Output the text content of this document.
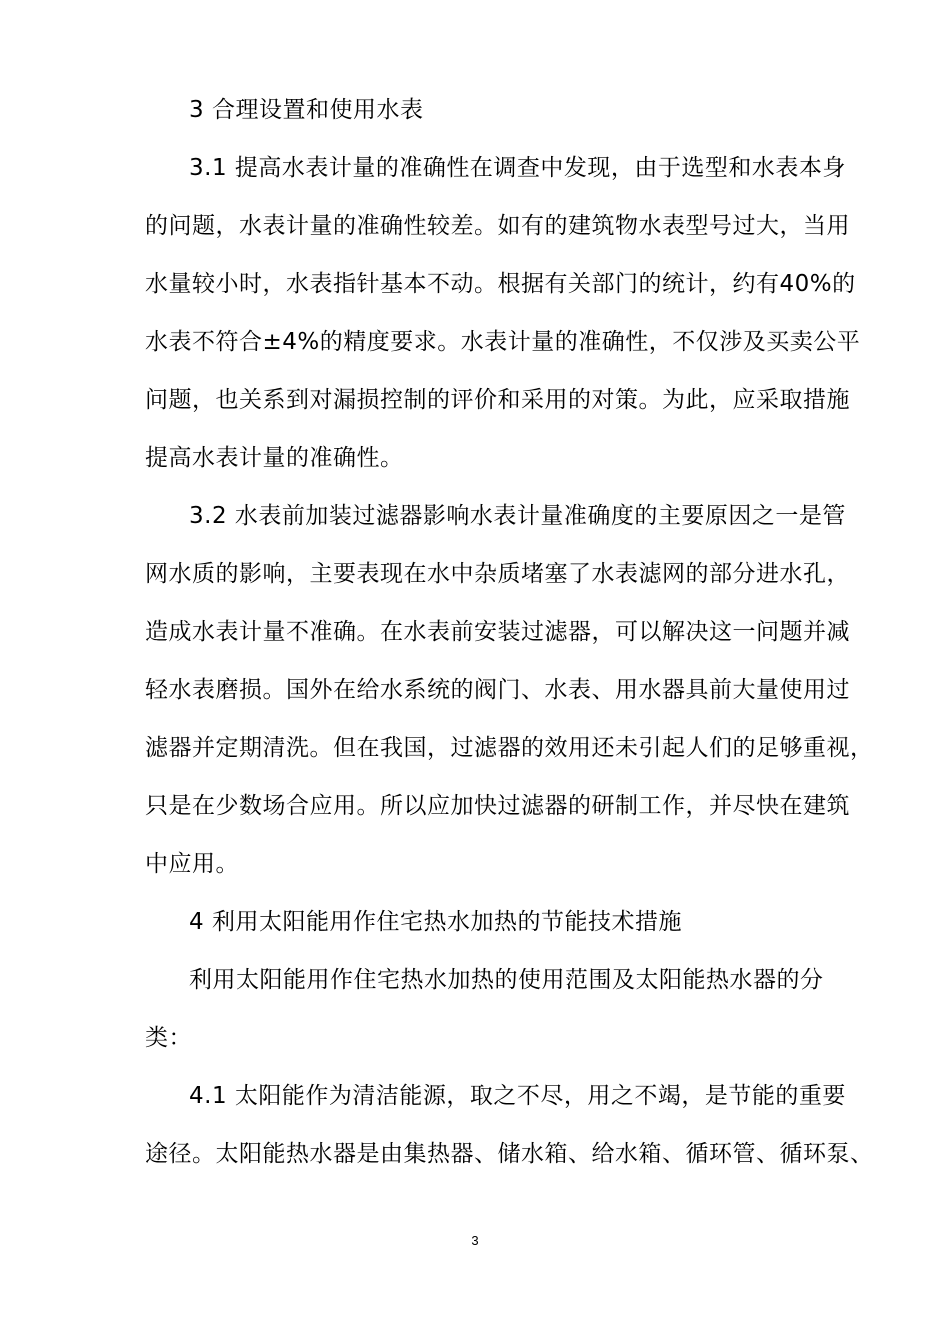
3 合理设置和使用水表
3.1 提高水表计量的准确性在调查中发现，由于选型和水表本身
的问题，水表计量的准确性较差。如有的建筑物水表型号过大，当用
水量较小时，水表指针基本不动。根据有关部门的统计，约有40%的
水表不符合±4%的精度要求。水表计量的准确性，不仅涉及买卖公平
问题，也关系到对漏损控制的评价和采用的对策。为此，应采取措施
提高水表计量的准确性。
3.2 水表前加装过滤器影响水表计量准确度的主要原因之一是管
网水质的影响，主要表现在水中杂质堵塞了水表滤网的部分进水孔，
造成水表计量不准确。在水表前安装过滤器，可以解决这一问题并减
轻水表磨损。国外在给水系统的阀门、水表、用水器具前大量使用过
滤器并定期清洗。但在我国，过滤器的效用还未引起人们的足够重视，
只是在少数场合应用。所以应加快过滤器的研制工作，并尽快在建筑
中应用。
4 利用太阳能用作住宅热水加热的节能技术措施
利用太阳能用作住宅热水加热的使用范围及太阳能热水器的分
类：
4.1 太阳能作为清洁能源，取之不尽，用之不竭，是节能的重要
途径。太阳能热水器是由集热器、储水箱、给水箱、循环管、循环泵、
3
